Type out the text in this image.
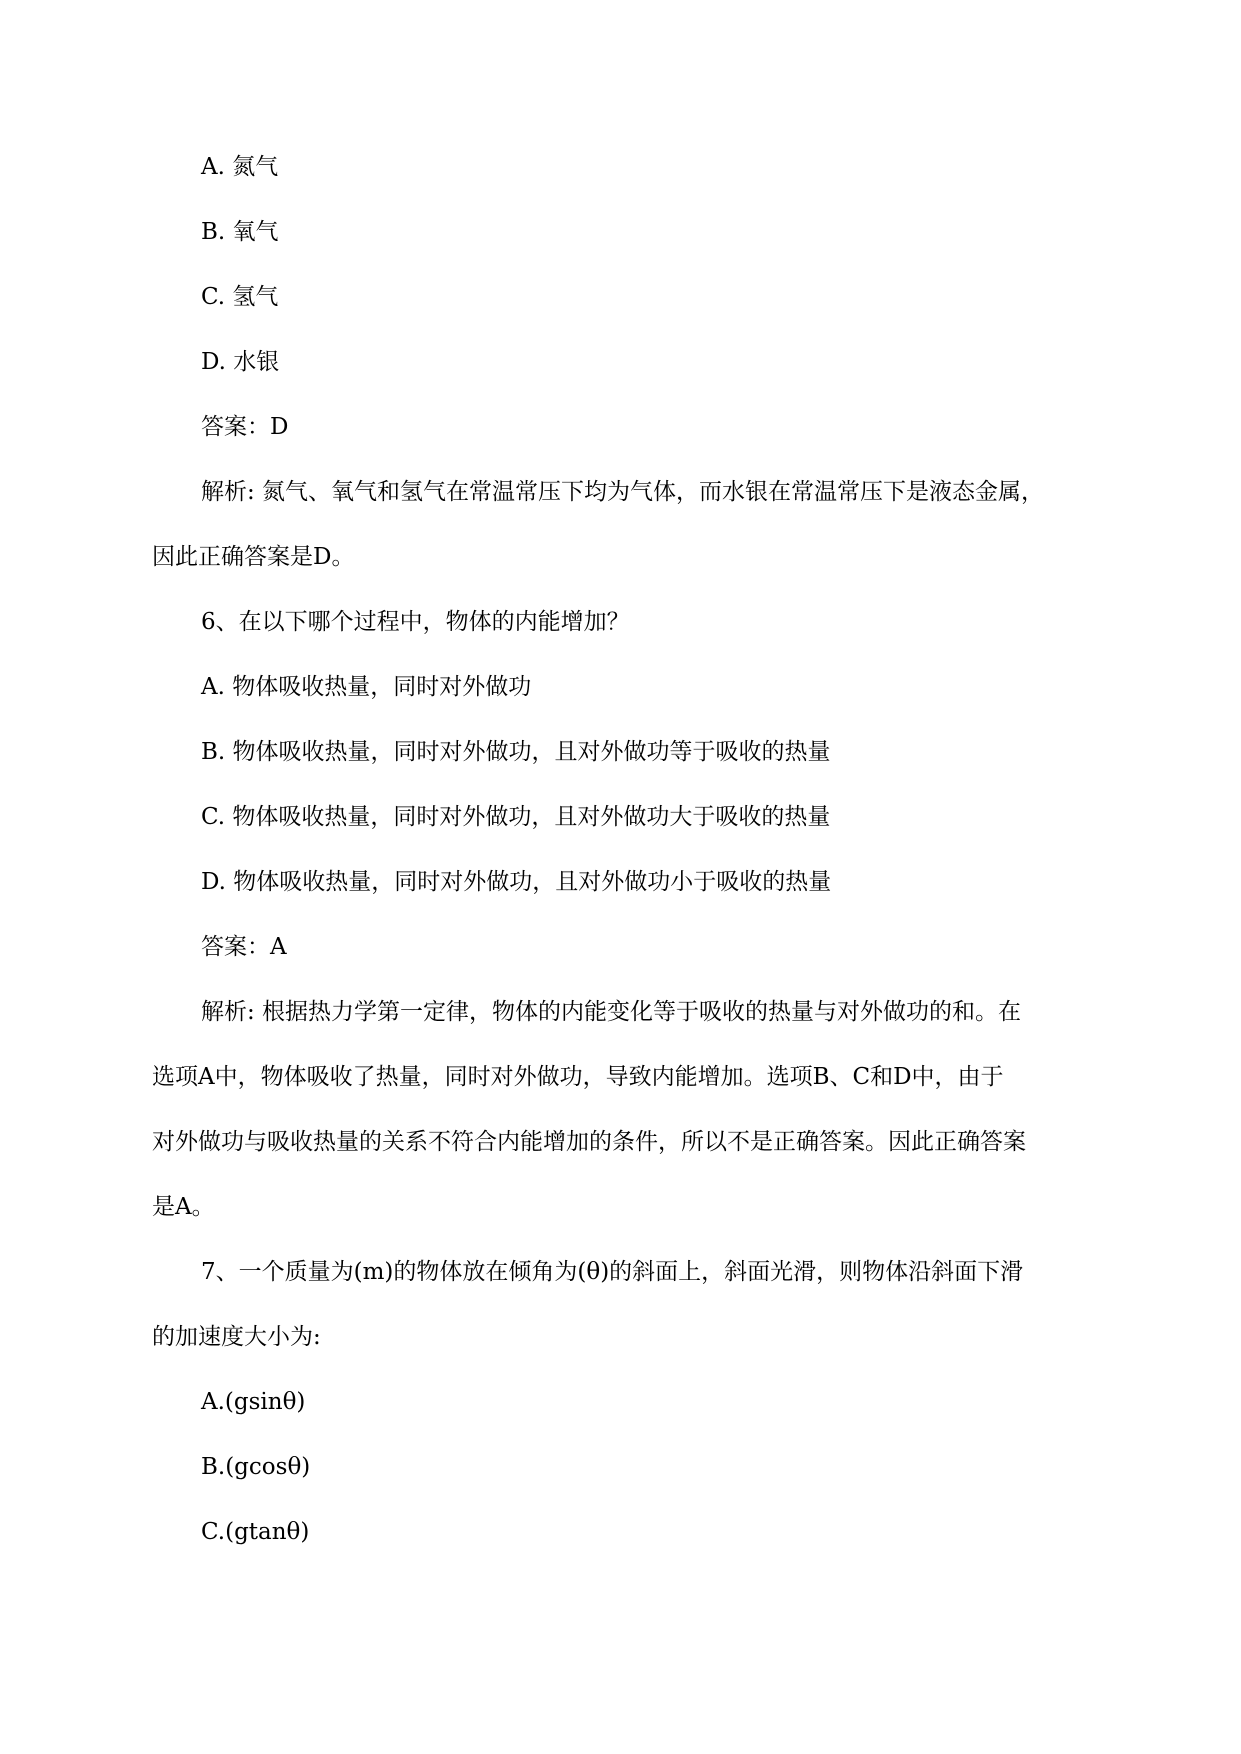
A. 氮气
B. 氧气
C. 氢气
D. 水银
答案：D
解析: 氮气、氧气和氢气在常温常压下均为气体，而水银在常温常压下是液态金属，
因此正确答案是D。
6、在以下哪个过程中，物体的内能增加？
A. 物体吸收热量，同时对外做功
B. 物体吸收热量，同时对外做功，且对外做功等于吸收的热量
C. 物体吸收热量，同时对外做功，且对外做功大于吸收的热量
D. 物体吸收热量，同时对外做功，且对外做功小于吸收的热量
答案：A
解析: 根据热力学第一定律，物体的内能变化等于吸收的热量与对外做功的和。在
选项A中，物体吸收了热量，同时对外做功，导致内能增加。选项B、C和D中，由于
对外做功与吸收热量的关系不符合内能增加的条件，所以不是正确答案。因此正确答案
是A。
7、一个质量为(m)的物体放在倾角为(θ)的斜面上，斜面光滑，则物体沿斜面下滑
的加速度大小为:
A.(gsinθ)
B.(gcosθ)
C.(gtanθ)
